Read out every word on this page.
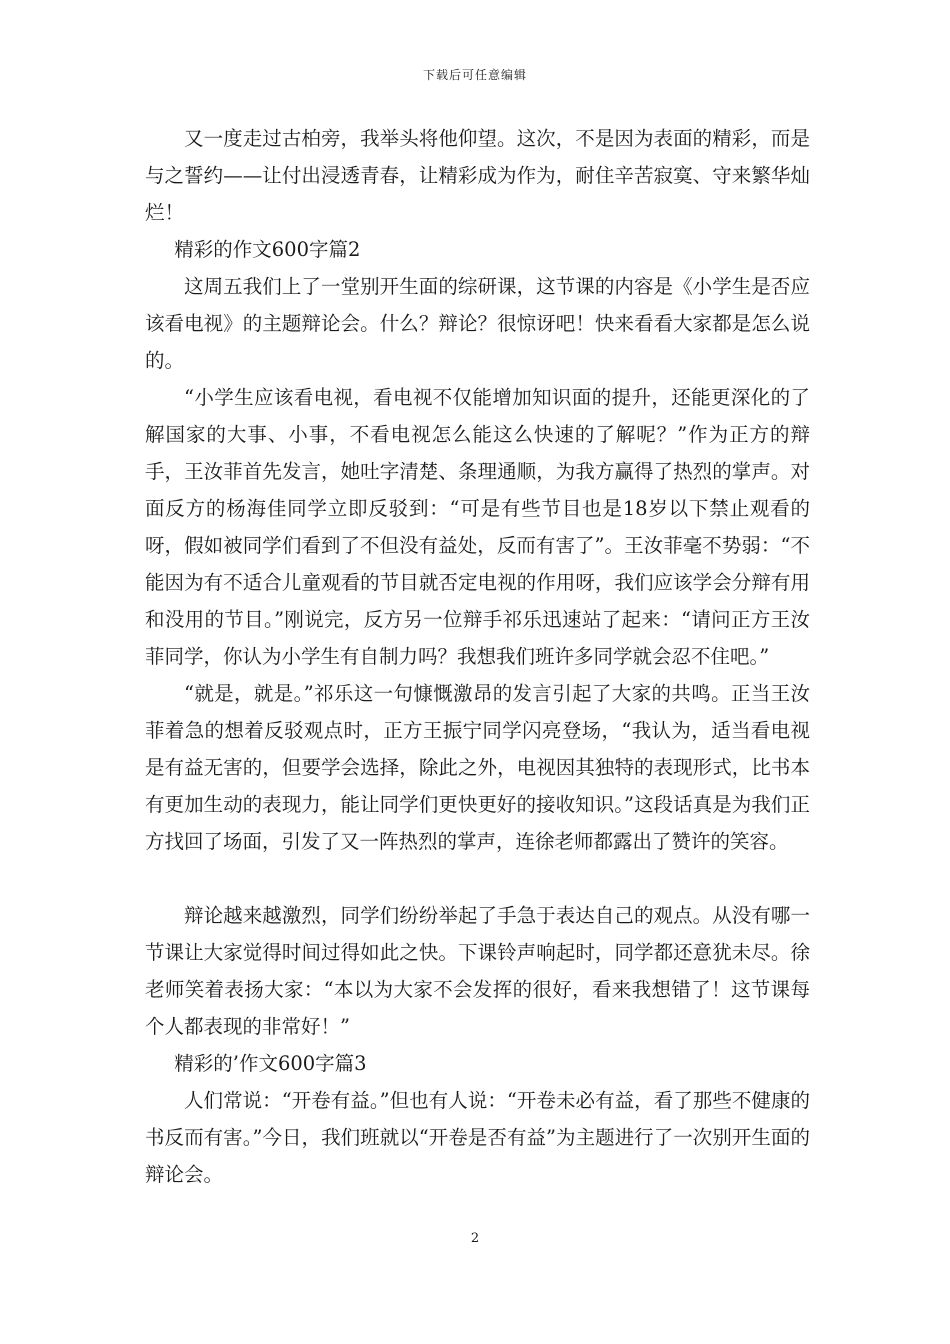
下载后可任意编辑

又一度走过古柏旁，我举头将他仰望。这次，不是因为表面的精彩，而是与之誓约——让付出浸透青春，让精彩成为作为，耐住辛苦寂寞、守来繁华灿烂！

精彩的作文600字篇2

这周五我们上了一堂别开生面的综研课，这节课的内容是《小学生是否应该看电视》的主题辩论会。什么？辩论？很惊讶吧！快来看看大家都是怎么说的。

“小学生应该看电视，看电视不仅能增加知识面的提升，还能更深化的了解国家的大事、小事，不看电视怎么能这么快速的了解呢？”作为正方的辩手，王汝菲首先发言，她吐字清楚、条理通顺，为我方赢得了热烈的掌声。对面反方的杨海佳同学立即反驳到：“可是有些节目也是18岁以下禁止观看的呀，假如被同学们看到了不但没有益处，反而有害了”。王汝菲毫不势弱：“不能因为有不适合儿童观看的节目就否定电视的作用呀，我们应该学会分辩有用和没用的节目。”刚说完，反方另一位辩手祁乐迅速站了起来：“请问正方王汝菲同学，你认为小学生有自制力吗？我想我们班许多同学就会忍不住吧。”

“就是，就是。”祁乐这一句慷慨激昂的发言引起了大家的共鸣。正当王汝菲着急的想着反驳观点时，正方王振宁同学闪亮登场，“我认为，适当看电视是有益无害的，但要学会选择，除此之外，电视因其独特的表现形式，比书本有更加生动的表现力，能让同学们更快更好的接收知识。”这段话真是为我们正方找回了场面，引发了又一阵热烈的掌声，连徐老师都露出了赞许的笑容。

辩论越来越激烈，同学们纷纷举起了手急于表达自己的观点。从没有哪一节课让大家觉得时间过得如此之快。下课铃声响起时，同学都还意犹未尽。徐老师笑着表扬大家：“本以为大家不会发挥的很好，看来我想错了！这节课每个人都表现的非常好！”

精彩的’作文600字篇3

人们常说：“开卷有益。”但也有人说：“开卷未必有益，看了那些不健康的书反而有害。”今日，我们班就以“开卷是否有益”为主题进行了一次别开生面的辩论会。

2
